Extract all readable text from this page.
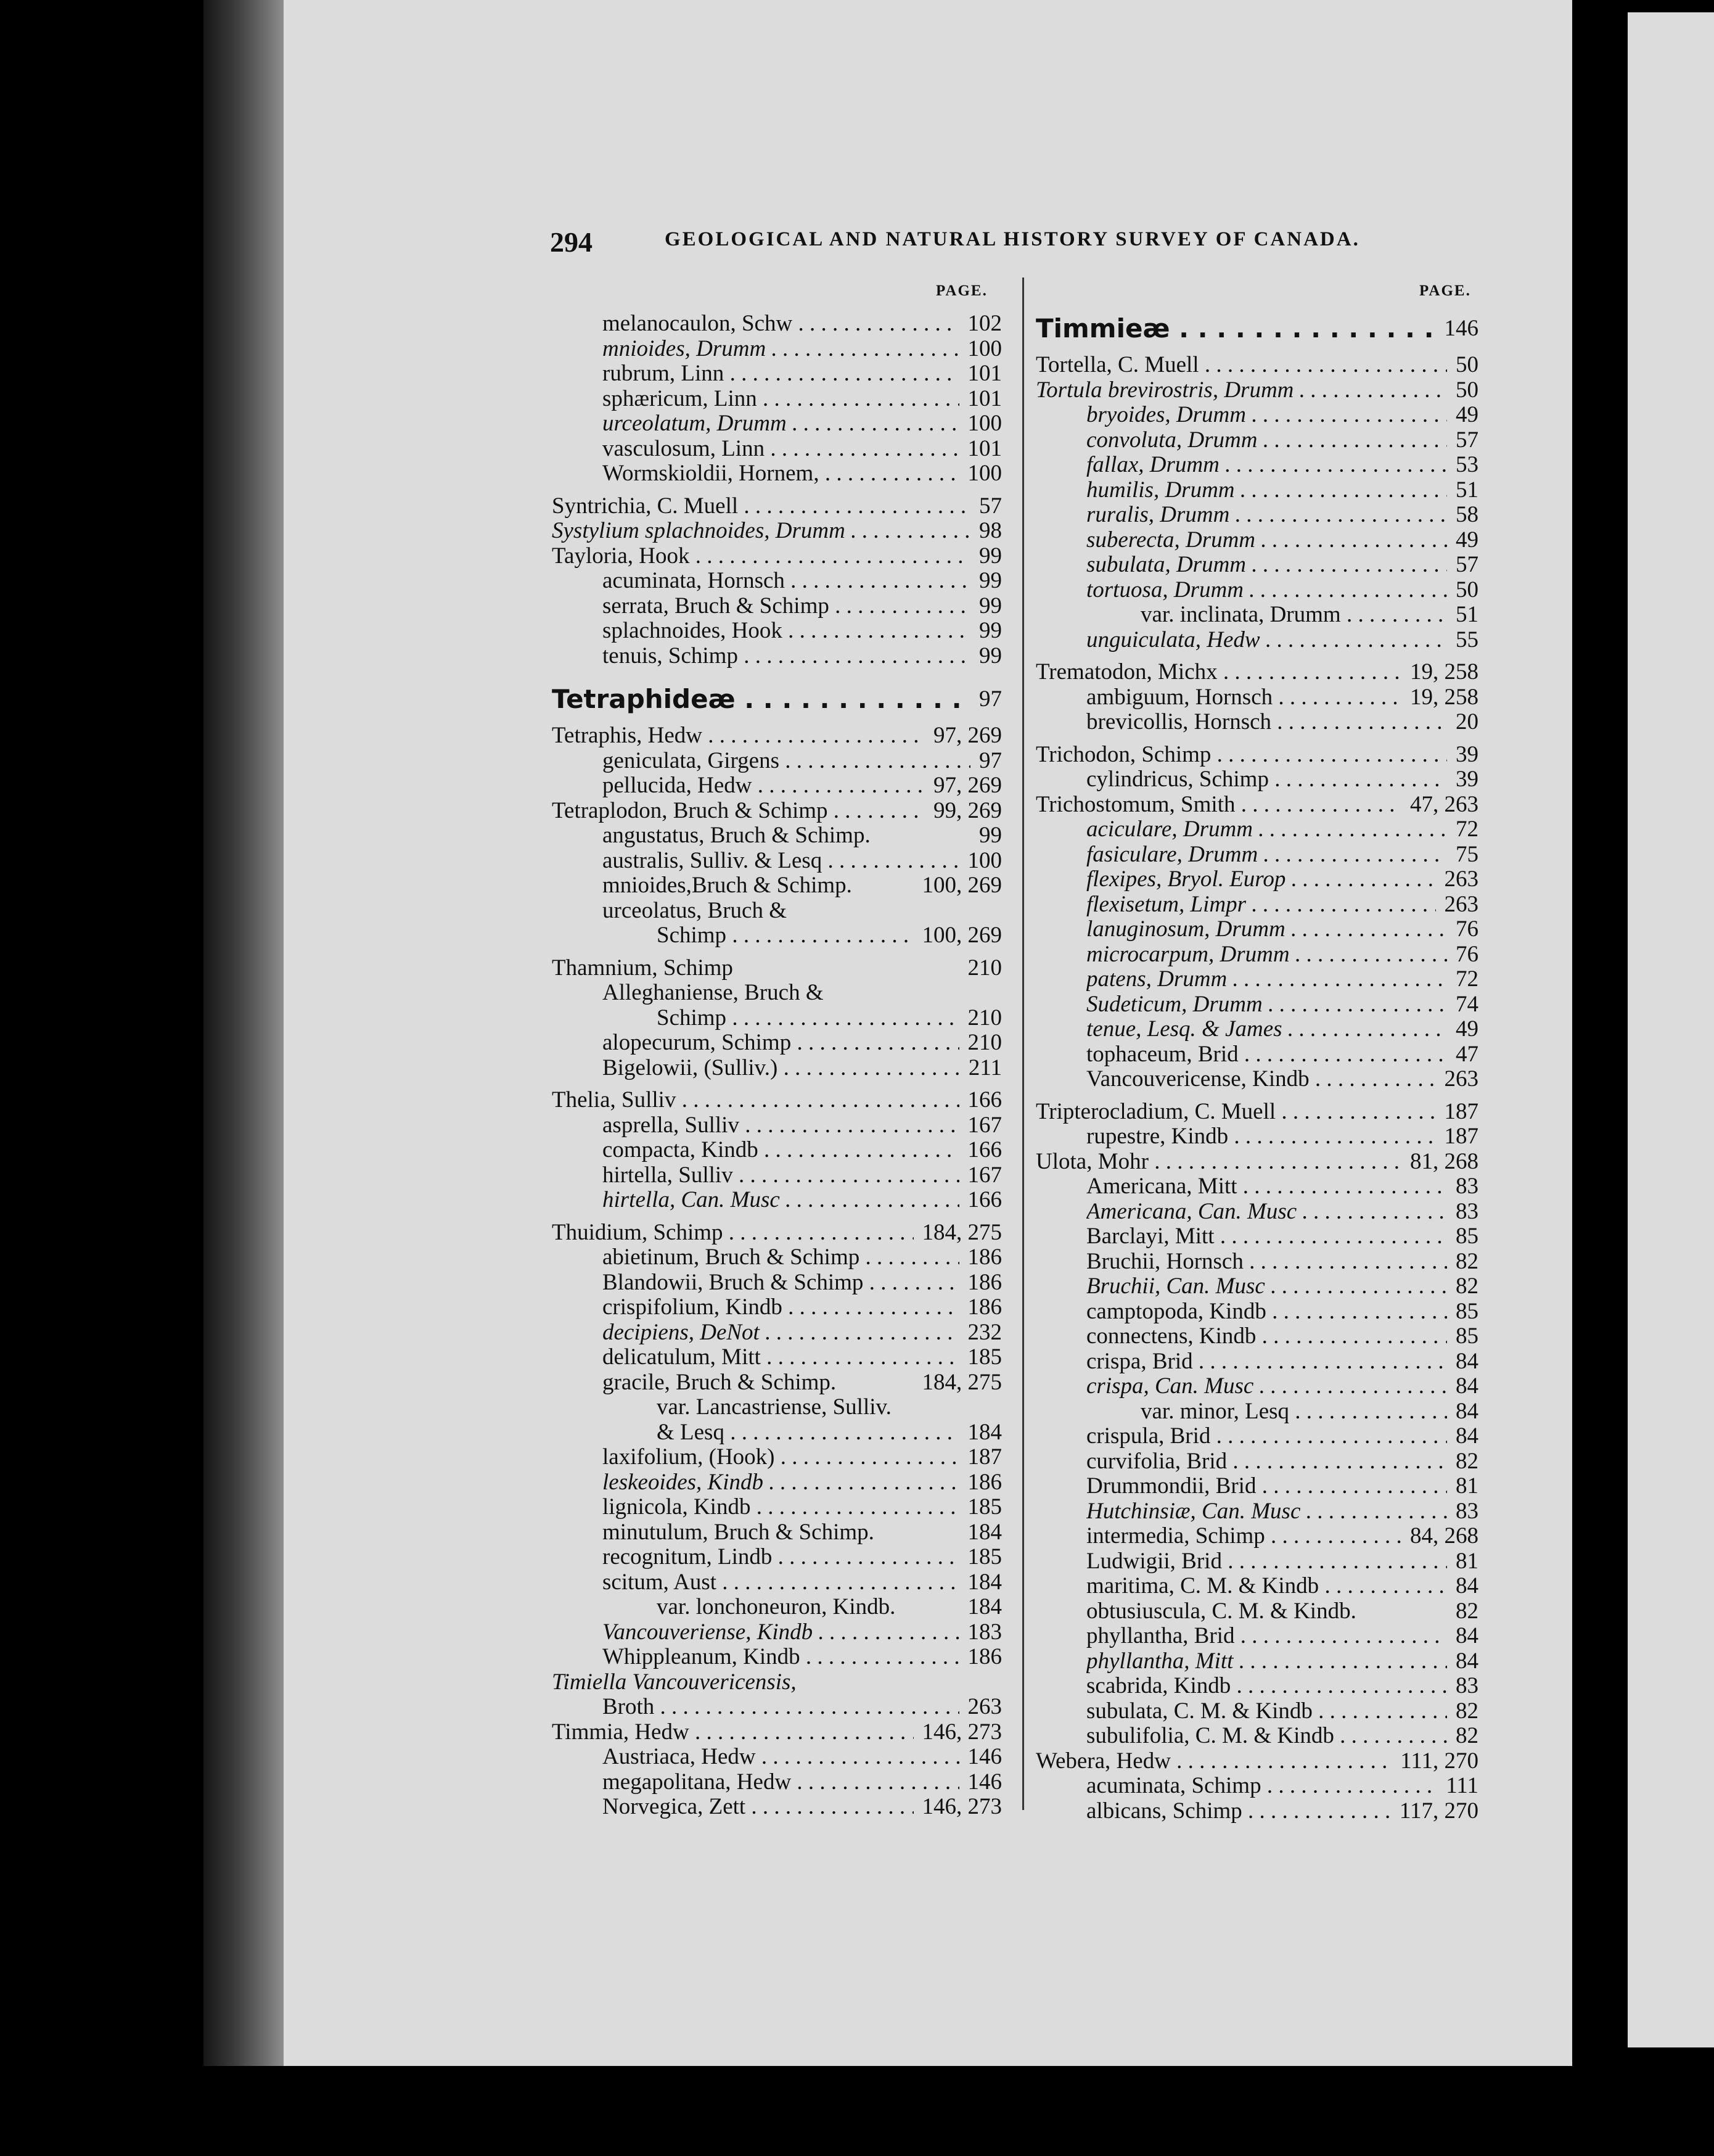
294	GEOLOGICAL AND NATURAL HISTORY SURVEY OF CANADA.
PAGE.	PAGE.
melanocaulon, Schw . . .	102
mnioides, Drumm . . .	100
rubrum, Linn . . .	101
sphæricum, Linn . . .	101
urceolatum, Drumm . . .	100
vasculosum, Linn . . .	101
Wormskioldii, Hornem, . . .	100
Syntrichia, C. Muell . . .	57
Systylium splachnoides, Drumm . . .	98
Tayloria, Hook . . .	99
acuminata, Hornsch . . .	99
serrata, Bruch & Schimp . . .	99
splachnoides, Hook . . .	99
tenuis, Schimp . . .	99
Tetraphideæ . . .	97
Tetraphis, Hedw . . .	97, 269
geniculata, Girgens . . .	97
pellucida, Hedw . . .	97, 269
Tetraplodon, Bruch & Schimp . . .	99, 269
angustatus, Bruch & Schimp.	99
australis, Sulliv. & Lesq . . .	100
mnioides,Bruch & Schimp.	100, 269
urceolatus, Bruch &
Schimp . . .	100, 269
Thamnium, Schimp	210
Alleghaniense, Bruch &
Schimp . . .	210
alopecurum, Schimp . . .	210
Bigelowii, (Sulliv.) . . .	211
Thelia, Sulliv . . .	166
asprella, Sulliv . . .	167
compacta, Kindb . . .	166
hirtella, Sulliv . . .	167
hirtella, Can. Musc . . .	166
Thuidium, Schimp . . .	184, 275
abietinum, Bruch & Schimp . . .	186
Blandowii, Bruch & Schimp . . .	186
crispifolium, Kindb . . .	186
decipiens, DeNot . . .	232
delicatulum, Mitt . . .	185
gracile, Bruch & Schimp.	184, 275
var. Lancastriense, Sulliv.
& Lesq . . .	184
laxifolium, (Hook) . . .	187
leskeoides, Kindb . . .	186
lignicola, Kindb . . .	185
minutulum, Bruch & Schimp.	184
recognitum, Lindb . . .	185
scitum, Aust . . .	184
var. lonchoneuron, Kindb.	184
Vancouveriense, Kindb . . .	183
Whippleanum, Kindb . . .	186
Timiella Vancouvericensis,
Broth . . .	263
Timmia, Hedw . . .	146, 273
Austriaca, Hedw . . .	146
megapolitana, Hedw . . .	146
Norvegica, Zett . . .	146, 273
Timmieæ . . .	146
Tortella, C. Muell . . .	50
Tortula brevirostris, Drumm . . .	50
bryoides, Drumm . . .	49
convoluta, Drumm . . .	57
fallax, Drumm . . .	53
humilis, Drumm . . .	51
ruralis, Drumm . . .	58
suberecta, Drumm . . .	49
subulata, Drumm . . .	57
tortuosa, Drumm . . .	50
var. inclinata, Drumm . . .	51
unguiculata, Hedw . . .	55
Trematodon, Michx . . .	19, 258
ambiguum, Hornsch . . .	19, 258
brevicollis, Hornsch . . .	20
Trichodon, Schimp . . .	39
cylindricus, Schimp . . .	39
Trichostomum, Smith . . .	47, 263
aciculare, Drumm . . .	72
fasiculare, Drumm . . .	75
flexipes, Bryol. Europ . . .	263
flexisetum, Limpr . . .	263
lanuginosum, Drumm . . .	76
microcarpum, Drumm . . .	76
patens, Drumm . . .	72
Sudeticum, Drumm . . .	74
tenue, Lesq. & James . . .	49
tophaceum, Brid . . .	47
Vancouvericense, Kindb . . .	263
Tripterocladium, C. Muell . . .	187
rupestre, Kindb . . .	187
Ulota, Mohr . . .	81, 268
Americana, Mitt . . .	83
Americana, Can. Musc . . .	83
Barclayi, Mitt . . .	85
Bruchii, Hornsch . . .	82
Bruchii, Can. Musc . . .	82
camptopoda, Kindb . . .	85
connectens, Kindb . . .	85
crispa, Brid . . .	84
crispa, Can. Musc . . .	84
var. minor, Lesq . . .	84
crispula, Brid . . .	84
curvifolia, Brid . . .	82
Drummondii, Brid . . .	81
Hutchinsiæ, Can. Musc . . .	83
intermedia, Schimp . . .	84, 268
Ludwigii, Brid . . .	81
maritima, C. M. & Kindb . . .	84
obtusiuscula, C. M. & Kindb.	82
phyllantha, Brid . . .	84
phyllantha, Mitt . . .	84
scabrida, Kindb . . .	83
subulata, C. M. & Kindb . . .	82
subulifolia, C. M. & Kindb . . .	82
Webera, Hedw . . .	111, 270
acuminata, Schimp . . .	111
albicans, Schimp . . .	117, 270
